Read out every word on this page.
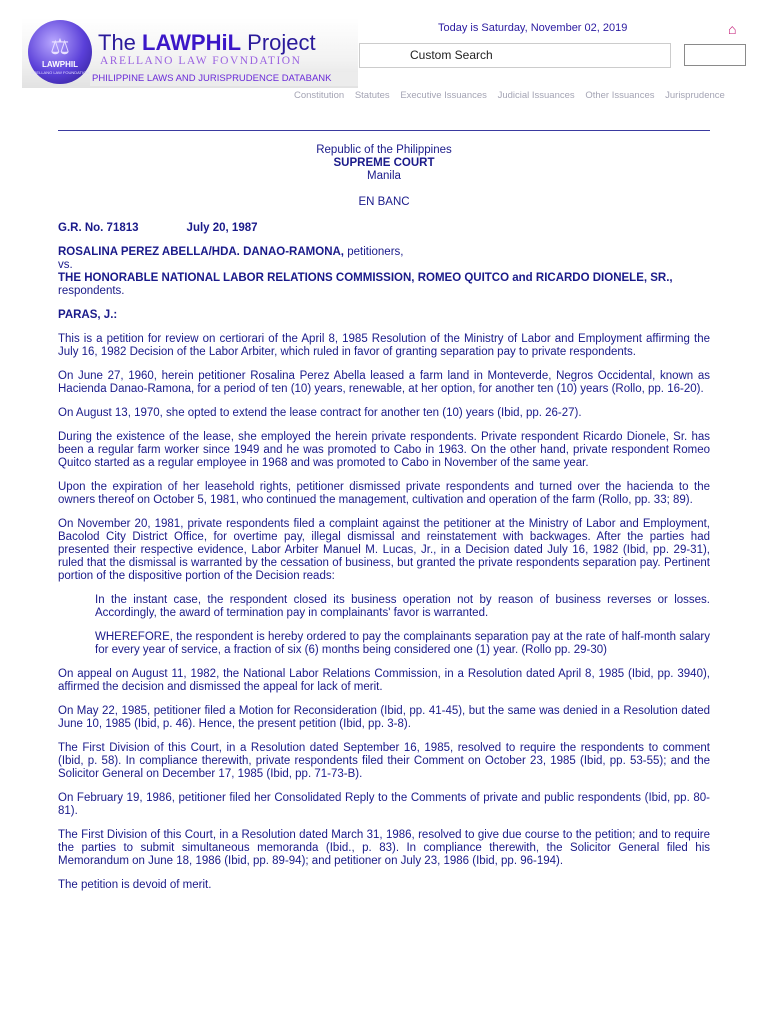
⚖
LAWPHIL
ARELLANO LAW FOUNDATION
The LAWPHiL Project
ARELLANO LAW FOVNDATION
PHILIPPINE LAWS AND JURISPRUDENCE DATABANK
Today is Saturday, November 02, 2019	⌂
Custom Search
Constitution Statutes Executive Issuances Judicial Issuances Other Issuances Jurisprudence
Republic of the Philippines
SUPREME COURT
Manila
EN BANC
G.R. No. 71813	July 20, 1987
ROSALINA PEREZ ABELLA/HDA. DANAO-RAMONA, petitioners,
vs.
THE HONORABLE NATIONAL LABOR RELATIONS COMMISSION, ROMEO QUITCO and RICARDO DIONELE, SR., respondents.
PARAS, J.:

This is a petition for review on certiorari of the April 8, 1985 Resolution of the Ministry of Labor and Employment affirming the July 16, 1982 Decision of the Labor Arbiter, which ruled in favor of granting separation pay to private respondents.

On June 27, 1960, herein petitioner Rosalina Perez Abella leased a farm land in Monteverde, Negros Occidental, known as Hacienda Danao-Ramona, for a period of ten (10) years, renewable, at her option, for another ten (10) years (Rollo, pp. 16-20).

On August 13, 1970, she opted to extend the lease contract for another ten (10) years (Ibid, pp. 26-27).

During the existence of the lease, she employed the herein private respondents. Private respondent Ricardo Dionele, Sr. has been a regular farm worker since 1949 and he was promoted to Cabo in 1963. On the other hand, private respondent Romeo Quitco started as a regular employee in 1968 and was promoted to Cabo in November of the same year.

Upon the expiration of her leasehold rights, petitioner dismissed private respondents and turned over the hacienda to the owners thereof on October 5, 1981, who continued the management, cultivation and operation of the farm (Rollo, pp. 33; 89).

On November 20, 1981, private respondents filed a complaint against the petitioner at the Ministry of Labor and Employment, Bacolod City District Office, for overtime pay, illegal dismissal and reinstatement with backwages. After the parties had presented their respective evidence, Labor Arbiter Manuel M. Lucas, Jr., in a Decision dated July 16, 1982 (Ibid, pp. 29-31), ruled that the dismissal is warranted by the cessation of business, but granted the private respondents separation pay. Pertinent portion of the dispositive portion of the Decision reads:

In the instant case, the respondent closed its business operation not by reason of business reverses or losses. Accordingly, the award of termination pay in complainants' favor is warranted.

WHEREFORE, the respondent is hereby ordered to pay the complainants separation pay at the rate of half-month salary for every year of service, a fraction of six (6) months being considered one (1) year. (Rollo pp. 29-30)

On appeal on August 11, 1982, the National Labor Relations Commission, in a Resolution dated April 8, 1985 (Ibid, pp. 3940), affirmed the decision and dismissed the appeal for lack of merit.

On May 22, 1985, petitioner filed a Motion for Reconsideration (Ibid, pp. 41-45), but the same was denied in a Resolution dated June 10, 1985 (Ibid, p. 46). Hence, the present petition (Ibid, pp. 3-8).

The First Division of this Court, in a Resolution dated September 16, 1985, resolved to require the respondents to comment (Ibid, p. 58). In compliance therewith, private respondents filed their Comment on October 23, 1985 (Ibid, pp. 53-55); and the Solicitor General on December 17, 1985 (Ibid, pp. 71-73-B).

On February 19, 1986, petitioner filed her Consolidated Reply to the Comments of private and public respondents (Ibid, pp. 80-81).

The First Division of this Court, in a Resolution dated March 31, 1986, resolved to give due course to the petition; and to require the parties to submit simultaneous memoranda (Ibid., p. 83). In compliance therewith, the Solicitor General filed his Memorandum on June 18, 1986 (Ibid, pp. 89-94); and petitioner on July 23, 1986 (Ibid, pp. 96-194).

The petition is devoid of merit.
